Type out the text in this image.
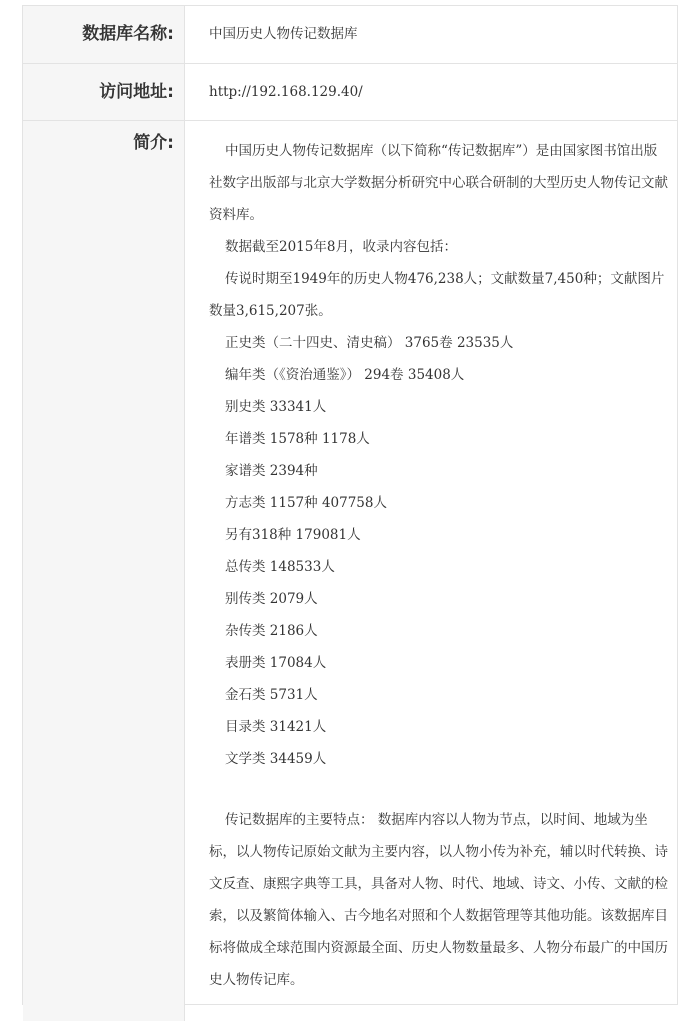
数据库名称:	中国历史人物传记数据库
访问地址:	http://192.168.129.40/
简介:	中国历史人物传记数据库（以下简称“传记数据库”）是由国家图书馆出版社数字出版部与北京大学数据分析研究中心联合研制的大型历史人物传记文献资料库。

数据截至2015年8月，收录内容包括：

传说时期至1949年的历史人物476,238人；文献数量7,450种；文献图片数量3,615,207张。

正史类（二十四史、清史稿） 3765卷 23535人

编年类（《资治通鉴》） 294卷 35408人

别史类 33341人

年谱类 1578种 1178人

家谱类 2394种

方志类 1157种 407758人

另有318种 179081人

总传类 148533人

别传类 2079人

杂传类 2186人

表册类 17084人

金石类 5731人

目录类 31421人

文学类 34459人

传记数据库的主要特点： 数据库内容以人物为节点，以时间、地域为坐标，以人物传记原始文献为主要内容，以人物小传为补充，辅以时代转换、诗文反查、康熙字典等工具，具备对人物、时代、地域、诗文、小传、文献的检索，以及繁简体输入、古今地名对照和个人数据管理等其他功能。该数据库目标将做成全球范围内资源最全面、历史人物数量最多、人物分布最广的中国历史人物传记库。
